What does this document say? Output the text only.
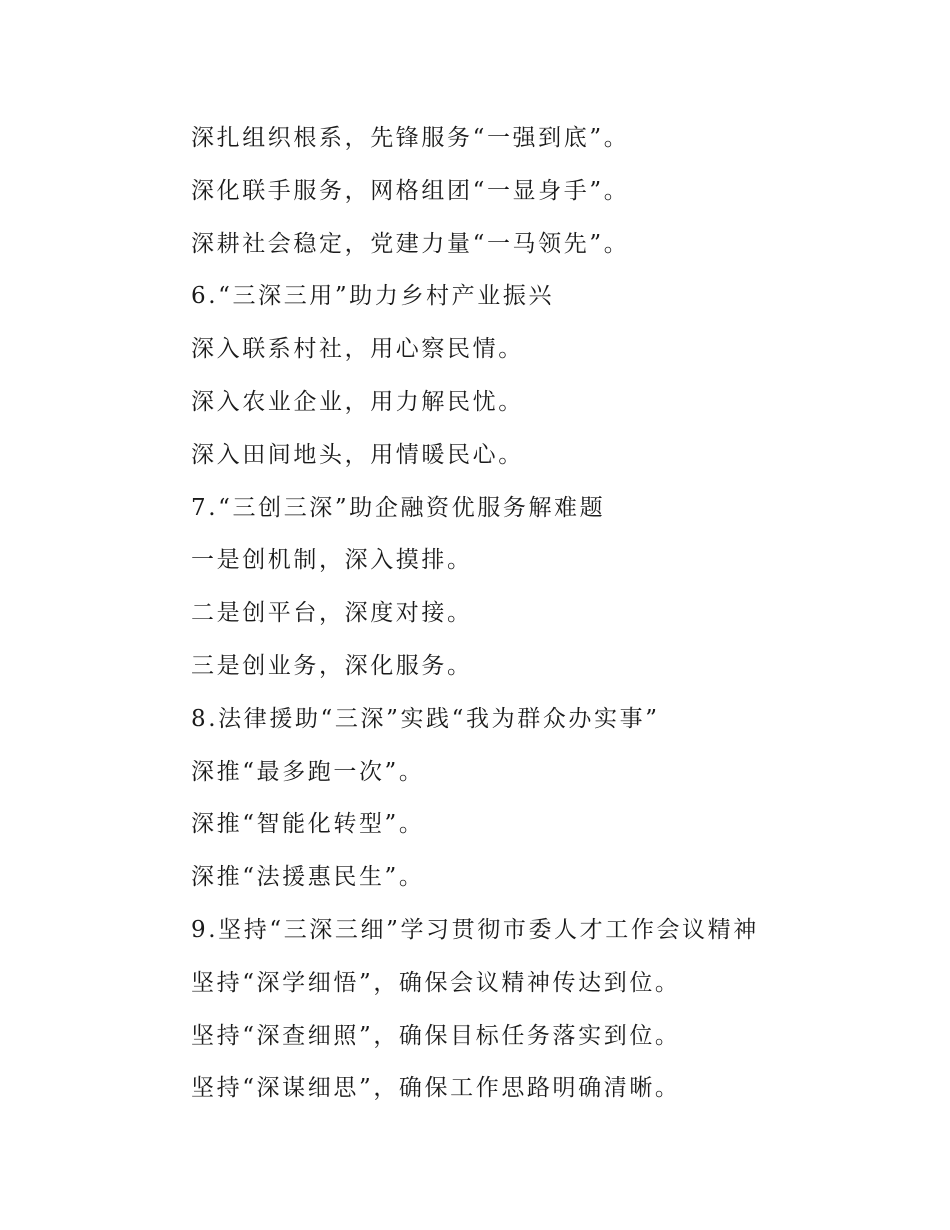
深扎组织根系，先锋服务“一强到底”。
深化联手服务，网格组团“一显身手”。
深耕社会稳定，党建力量“一马领先”。
6.“三深三用”助力乡村产业振兴
深入联系村社，用心察民情。
深入农业企业，用力解民忧。
深入田间地头，用情暖民心。
7.“三创三深”助企融资优服务解难题
一是创机制，深入摸排。
二是创平台，深度对接。
三是创业务，深化服务。
8.法律援助“三深”实践“我为群众办实事”
深推“最多跑一次”。
深推“智能化转型”。
深推“法援惠民生”。
9.坚持“三深三细”学习贯彻市委人才工作会议精神
坚持“深学细悟”，确保会议精神传达到位。
坚持“深查细照”，确保目标任务落实到位。
坚持“深谋细思”，确保工作思路明确清晰。
